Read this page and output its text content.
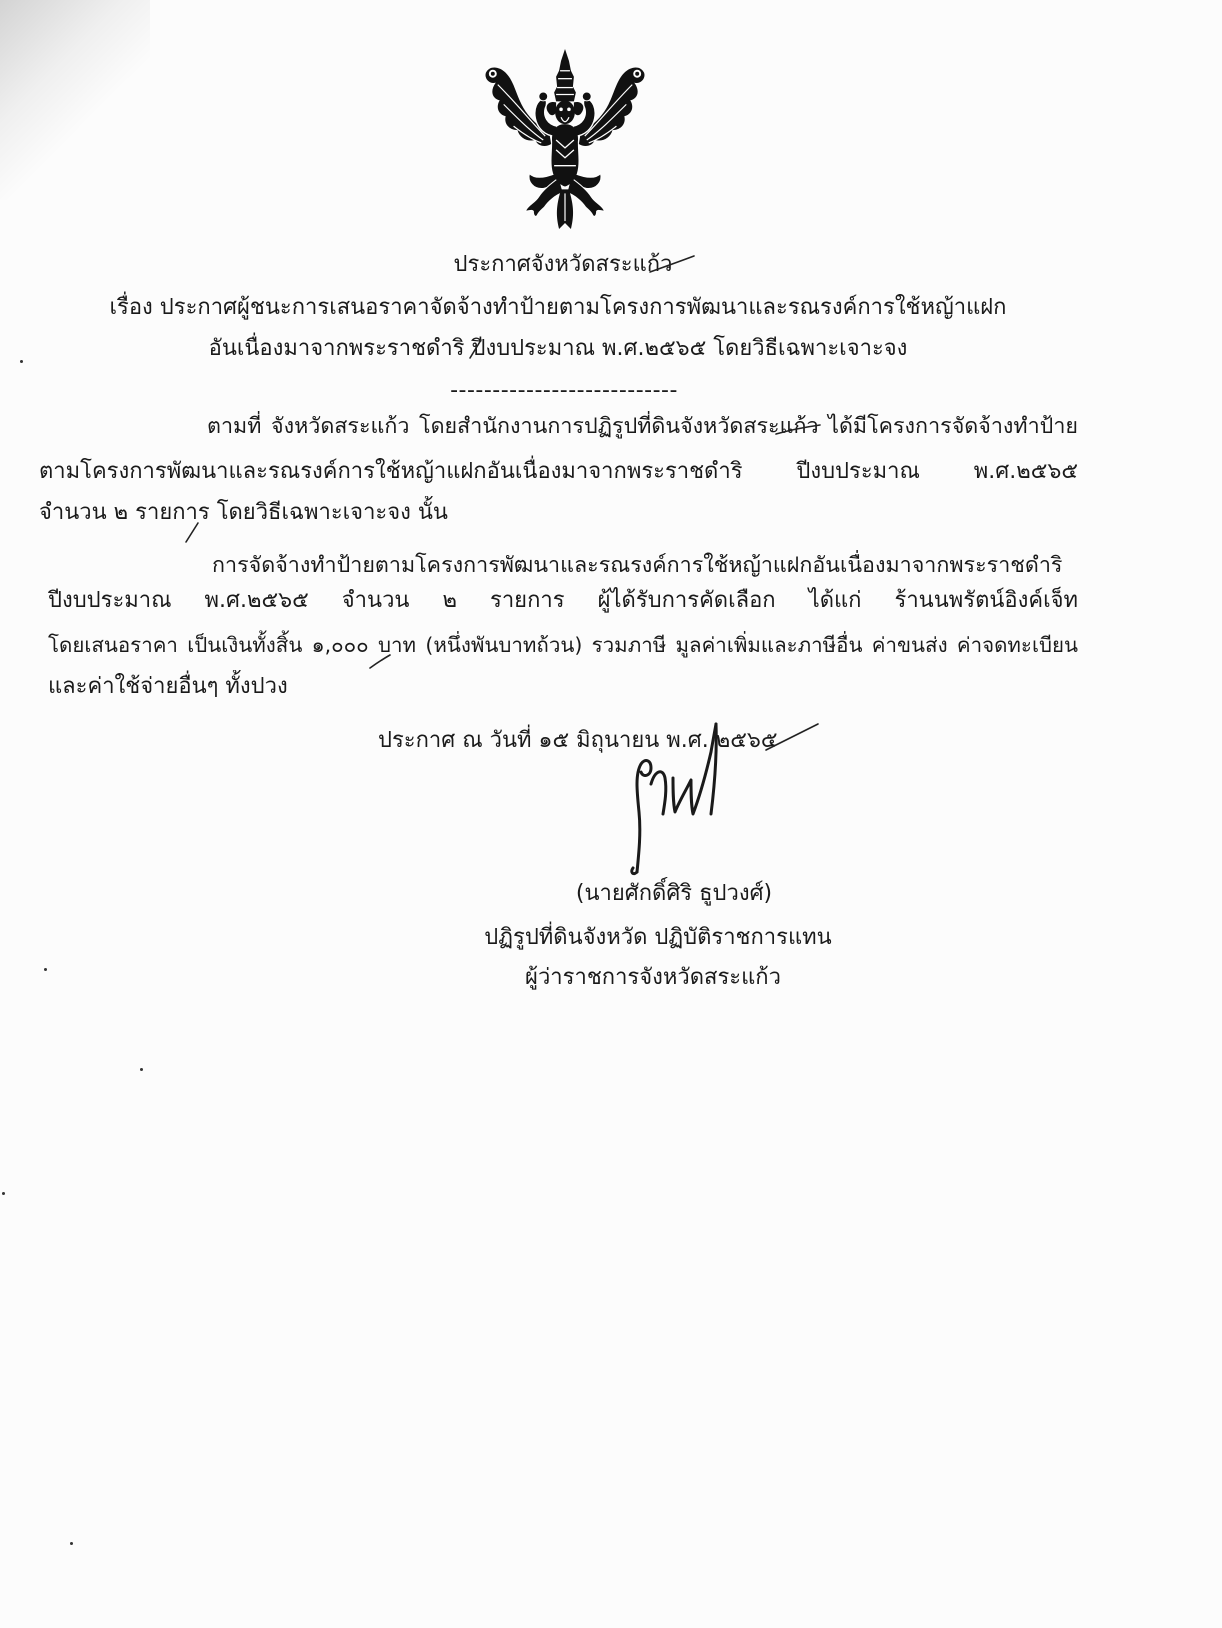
ประกาศจังหวัดสระแก้ว
เรื่อง ประกาศผู้ชนะการเสนอราคาจัดจ้างทำป้ายตามโครงการพัฒนาและรณรงค์การใช้หญ้าแฝก
อันเนื่องมาจากพระราชดำริ ปีงบประมาณ พ.ศ.๒๕๖๕ โดยวิธีเฉพาะเจาะจง
---------------------------
ตามที่ จังหวัดสระแก้ว โดยสำนักงานการปฏิรูปที่ดินจังหวัดสระแก้ว ได้มีโครงการจัดจ้างทำป้าย
ตามโครงการพัฒนาและรณรงค์การใช้หญ้าแฝกอันเนื่องมาจากพระราชดำริ ปีงบประมาณ พ.ศ.๒๕๖๕
จำนวน ๒ รายการ โดยวิธีเฉพาะเจาะจง นั้น
การจัดจ้างทำป้ายตามโครงการพัฒนาและรณรงค์การใช้หญ้าแฝกอันเนื่องมาจากพระราชดำริ
ปีงบประมาณ พ.ศ.๒๕๖๕ จำนวน ๒ รายการ ผู้ได้รับการคัดเลือก ได้แก่ ร้านนพรัตน์อิงค์เจ็ท
โดยเสนอราคา เป็นเงินทั้งสิ้น ๑,๐๐๐ บาท (หนึ่งพันบาทถ้วน) รวมภาษี มูลค่าเพิ่มและภาษีอื่น ค่าขนส่ง ค่าจดทะเบียน
และค่าใช้จ่ายอื่นๆ ทั้งปวง
ประกาศ ณ วันที่ ๑๕ มิถุนายน พ.ศ. ๒๕๖๕
(นายศักดิ์ศิริ ธูปวงศ์)
ปฏิรูปที่ดินจังหวัด ปฏิบัติราชการแทน
ผู้ว่าราชการจังหวัดสระแก้ว
